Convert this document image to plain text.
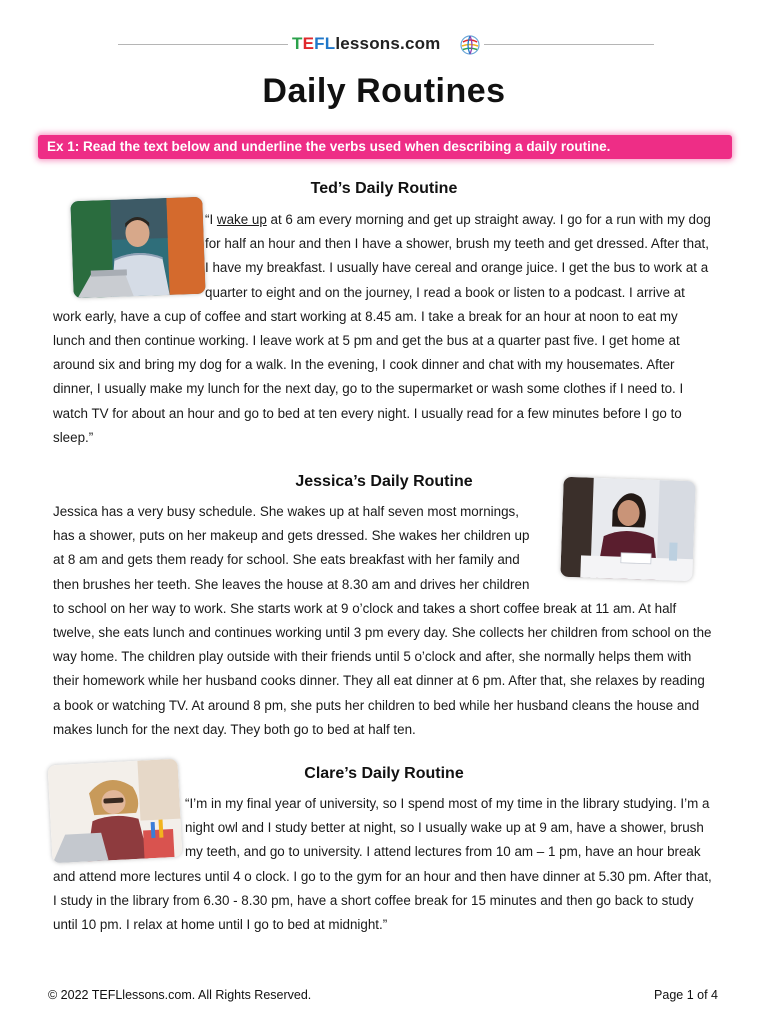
TEFLlessons.com
Daily Routines
Ex 1: Read the text below and underline the verbs used when describing a daily routine.
Ted’s Daily Routine

“I wake up at 6 am every morning and get up straight away. I go for a run with my dog for half an hour and then I have a shower, brush my teeth and get dressed. After that, I have my breakfast. I usually have cereal and orange juice. I get the bus to work at a quarter to eight and on the journey, I read a book or listen to a podcast. I arrive at work early, have a cup of coffee and start working at 8.45 am. I take a break for an hour at noon to eat my lunch and then continue working. I leave work at 5 pm and get the bus at a quarter past five. I get home at around six and bring my dog for a walk. In the evening, I cook dinner and chat with my housemates. After dinner, I usually make my lunch for the next day, go to the supermarket or wash some clothes if I need to. I watch TV for about an hour and go to bed at ten every night. I usually read for a few minutes before I go to sleep.”

Jessica’s Daily Routine

Jessica has a very busy schedule. She wakes up at half seven most mornings, has a shower, puts on her makeup and gets dressed. She wakes her children up at 8 am and gets them ready for school. She eats breakfast with her family and then brushes her teeth. She leaves the house at 8.30 am and drives her children to school on her way to work. She starts work at 9 o’clock and takes a short coffee break at 11 am. At half twelve, she eats lunch and continues working until 3 pm every day. She collects her children from school on the way home. The children play outside with their friends until 5 o’clock and after, she normally helps them with their homework while her husband cooks dinner. They all eat dinner at 6 pm. After that, she relaxes by reading a book or watching TV. At around 8 pm, she puts her children to bed while her husband cleans the house and makes lunch for the next day. They both go to bed at half ten.

Clare’s Daily Routine

“I’m in my final year of university, so I spend most of my time in the library studying. I’m a night owl and I study better at night, so I usually wake up at 9 am, have a shower, brush my teeth, and go to university. I attend lectures from 10 am – 1 pm, have an hour break and attend more lectures until 4 o clock. I go to the gym for an hour and then have dinner at 5.30 pm. After that, I study in the library from 6.30 - 8.30 pm, have a short coffee break for 15 minutes and then go back to study until 10 pm. I relax at home until I go to bed at midnight.”

© 2022 TEFLlessons.com. All Rights Reserved.	Page 1 of 4
